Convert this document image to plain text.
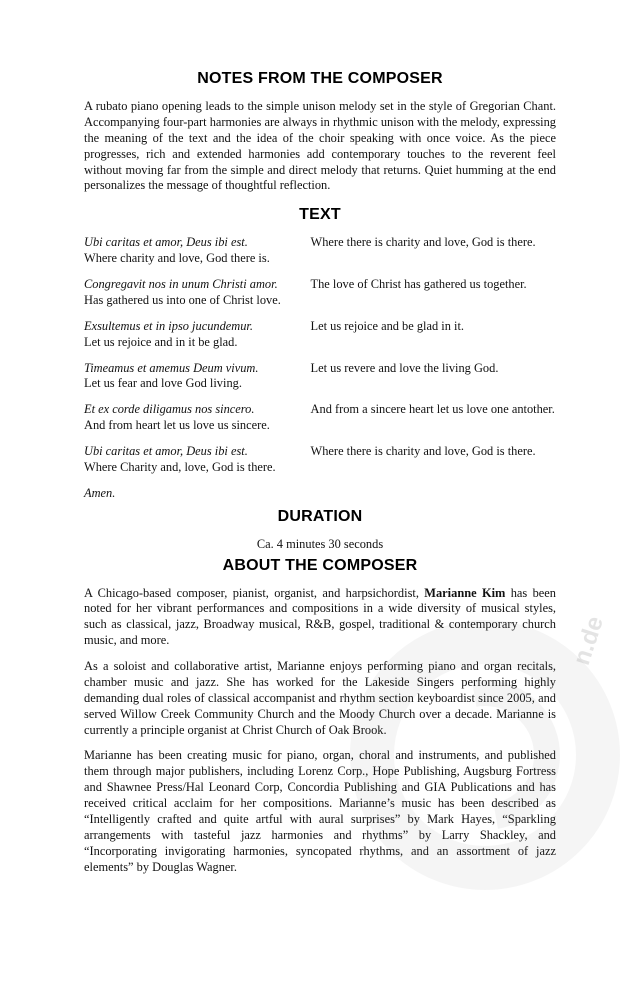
n.de
NOTES FROM THE COMPOSER

A rubato piano opening leads to the simple unison melody set in the style of Gregorian Chant. Accompanying four-part harmonies are always in rhythmic unison with the melody, expressing the meaning of the text and the idea of the choir speaking with once voice. As the piece progresses, rich and extended harmonies add contemporary touches to the reverent feel without moving far from the simple and direct melody that returns. Quiet humming at the end personalizes the message of thoughtful reflection.

TEXT
Ubi caritas et amor, Deus ibi est.
Where charity and love, God there is.
Where there is charity and love, God is there.
Congregavit nos in unum Christi amor.
Has gathered us into one of Christ love.
The love of Christ has gathered us together.
Exsultemus et in ipso jucundemur.
Let us rejoice and in it be glad.
Let us rejoice and be glad in it.
Timeamus et amemus Deum vivum.
Let us fear and love God living.
Let us revere and love the living God.
Et ex corde diligamus nos sincero.
And from heart let us love us sincere.
And from a sincere heart let us love one antother.
Ubi caritas et amor, Deus ibi est.
Where Charity and, love, God is there.
Where there is charity and love, God is there.
Amen.
DURATION
Ca. 4 minutes 30 seconds
ABOUT THE COMPOSER

A Chicago-based composer, pianist, organist, and harpsichordist, Marianne Kim has been noted for her vibrant performances and compositions in a wide diversity of musical styles, such as classical, jazz, Broadway musical, R&B, gospel, traditional & contemporary church music, and more.

As a soloist and collaborative artist, Marianne enjoys performing piano and organ recitals, chamber music and jazz. She has worked for the Lakeside Singers performing highly demanding dual roles of classical accompanist and rhythm section keyboardist since 2005, and served Willow Creek Community Church and the Moody Church over a decade. Marianne is currently a principle organist at Christ Church of Oak Brook.

Marianne has been creating music for piano, organ, choral and instruments, and published them through major publishers, including Lorenz Corp., Hope Publishing, Augsburg Fortress and Shawnee Press/Hal Leonard Corp, Concordia Publishing and GIA Publications and has received critical acclaim for her compositions. Marianne’s music has been described as “Intelligently crafted and quite artful with aural surprises” by Mark Hayes, “Sparkling arrangements with tasteful jazz harmonies and rhythms” by Larry Shackley, and “Incorporating invigorating harmonies, syncopated rhythms, and an assortment of jazz elements” by Douglas Wagner.
